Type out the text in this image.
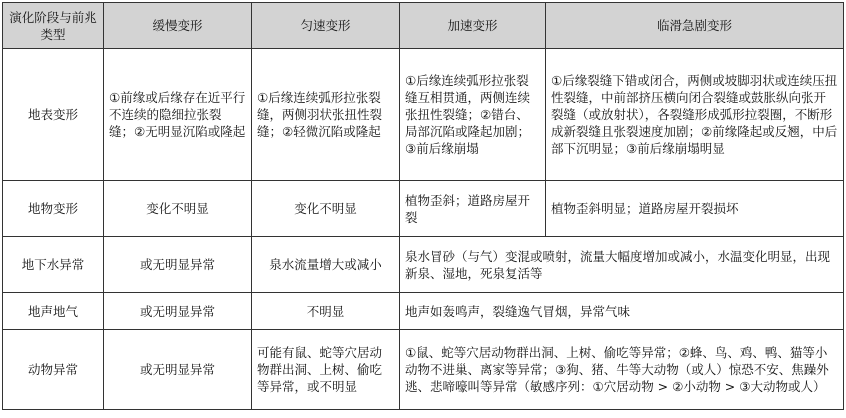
演化阶段与前兆类型	缓慢变形	匀速变形	加速变形	临滑急剧变形
地表变形	①前缘或后缘存在近平行不连续的隐细拉张裂缝；②无明显沉陷或隆起	①后缘连续弧形拉张裂缝，两侧羽状张扭性裂缝；②轻微沉陷或隆起	①后缘连续弧形拉张裂缝互相贯通，两侧连续张扭性裂缝；②错台、局部沉陷或隆起加剧；③前后缘崩塌	①后缘裂缝下错或闭合，两侧或坡脚羽状或连续压扭性裂缝，中前部挤压横向闭合裂缝或鼓胀纵向张开裂缝（或放射状），各裂缝形成弧形拉裂圈，不断形成新裂缝且张裂速度加剧；②前缘隆起或反翘，中后部下沉明显；③前后缘崩塌明显
地物变形	变化不明显	变化不明显	植物歪斜；道路房屋开裂	植物歪斜明显；道路房屋开裂损坏
地下水异常	或无明显异常	泉水流量增大或减小	泉水冒砂（与气）变混或喷射，流量大幅度增加或减小，水温变化明显，出现新泉、湿地，死泉复活等	
地声地气	或无明显异常	不明显	地声如轰鸣声，裂缝逸气冒烟，异常气味	
动物异常	或无明显异常	可能有鼠、蛇等穴居动物群出洞、上树、偷吃等异常，或不明显	①鼠、蛇等穴居动物群出洞、上树、偷吃等异常；②蜂、鸟、鸡、鸭、猫等小动物不进巢、离家等异常；③狗、猪、牛等大动物（或人）惊恐不安、焦躁外逃、悲啼嚎叫等异常（敏感序列：①穴居动物 > ②小动物 > ③大动物或人）	
